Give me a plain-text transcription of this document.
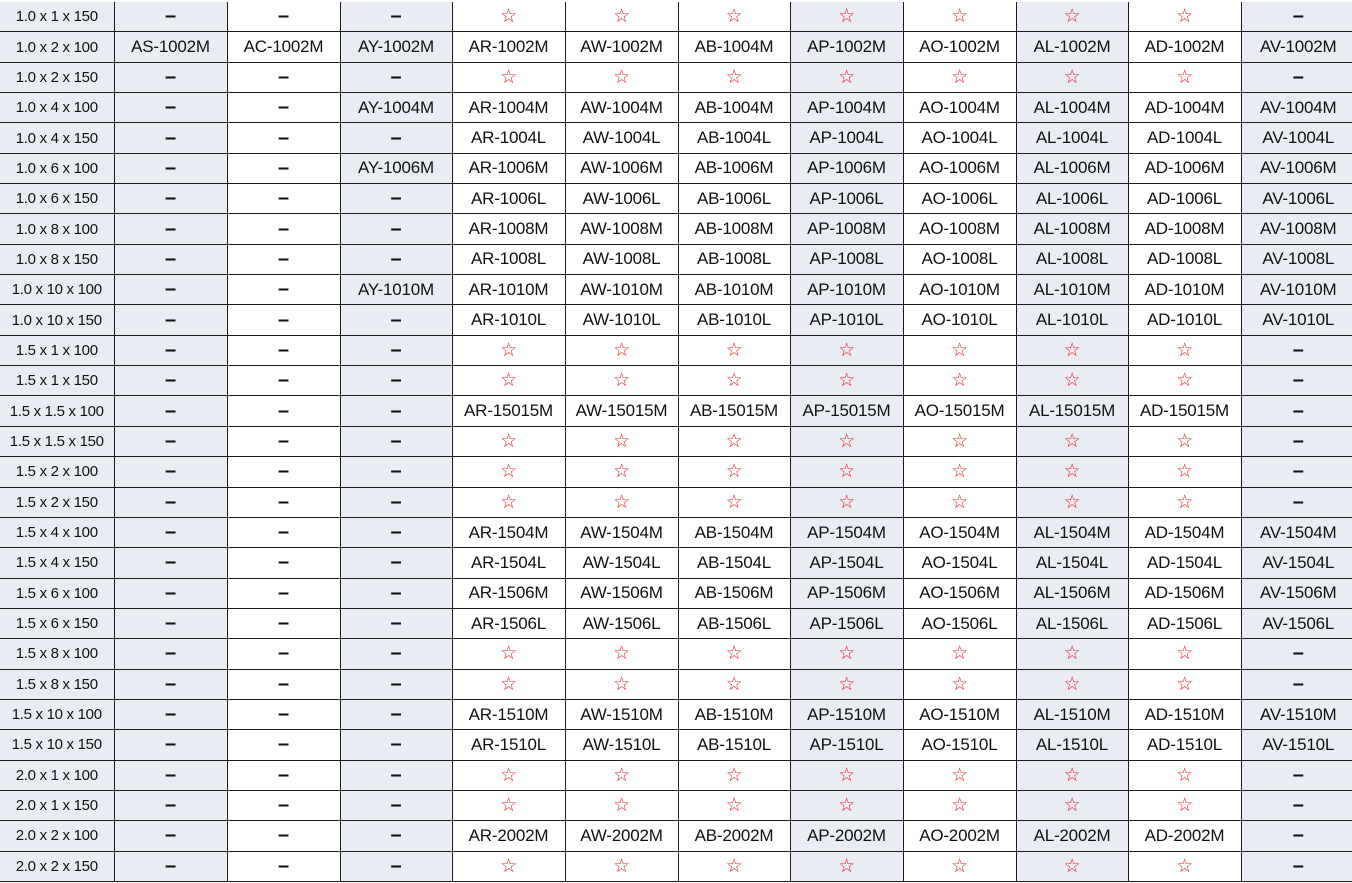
1.0 x 1 x 150	–	–	–	☆	☆	☆	☆	☆	☆	☆	–
1.0 x 2 x 100	AS-1002M	AC-1002M	AY-1002M	AR-1002M	AW-1002M	AB-1004M	AP-1002M	AO-1002M	AL-1002M	AD-1002M	AV-1002M
1.0 x 2 x 150	–	–	–	☆	☆	☆	☆	☆	☆	☆	–
1.0 x 4 x 100	–	–	AY-1004M	AR-1004M	AW-1004M	AB-1004M	AP-1004M	AO-1004M	AL-1004M	AD-1004M	AV-1004M
1.0 x 4 x 150	–	–	–	AR-1004L	AW-1004L	AB-1004L	AP-1004L	AO-1004L	AL-1004L	AD-1004L	AV-1004L
1.0 x 6 x 100	–	–	AY-1006M	AR-1006M	AW-1006M	AB-1006M	AP-1006M	AO-1006M	AL-1006M	AD-1006M	AV-1006M
1.0 x 6 x 150	–	–	–	AR-1006L	AW-1006L	AB-1006L	AP-1006L	AO-1006L	AL-1006L	AD-1006L	AV-1006L
1.0 x 8 x 100	–	–	–	AR-1008M	AW-1008M	AB-1008M	AP-1008M	AO-1008M	AL-1008M	AD-1008M	AV-1008M
1.0 x 8 x 150	–	–	–	AR-1008L	AW-1008L	AB-1008L	AP-1008L	AO-1008L	AL-1008L	AD-1008L	AV-1008L
1.0 x 10 x 100	–	–	AY-1010M	AR-1010M	AW-1010M	AB-1010M	AP-1010M	AO-1010M	AL-1010M	AD-1010M	AV-1010M
1.0 x 10 x 150	–	–	–	AR-1010L	AW-1010L	AB-1010L	AP-1010L	AO-1010L	AL-1010L	AD-1010L	AV-1010L
1.5 x 1 x 100	–	–	–	☆	☆	☆	☆	☆	☆	☆	–
1.5 x 1 x 150	–	–	–	☆	☆	☆	☆	☆	☆	☆	–
1.5 x 1.5 x 100	–	–	–	AR-15015M	AW-15015M	AB-15015M	AP-15015M	AO-15015M	AL-15015M	AD-15015M	–
1.5 x 1.5 x 150	–	–	–	☆	☆	☆	☆	☆	☆	☆	–
1.5 x 2 x 100	–	–	–	☆	☆	☆	☆	☆	☆	☆	–
1.5 x 2 x 150	–	–	–	☆	☆	☆	☆	☆	☆	☆	–
1.5 x 4 x 100	–	–	–	AR-1504M	AW-1504M	AB-1504M	AP-1504M	AO-1504M	AL-1504M	AD-1504M	AV-1504M
1.5 x 4 x 150	–	–	–	AR-1504L	AW-1504L	AB-1504L	AP-1504L	AO-1504L	AL-1504L	AD-1504L	AV-1504L
1.5 x 6 x 100	–	–	–	AR-1506M	AW-1506M	AB-1506M	AP-1506M	AO-1506M	AL-1506M	AD-1506M	AV-1506M
1.5 x 6 x 150	–	–	–	AR-1506L	AW-1506L	AB-1506L	AP-1506L	AO-1506L	AL-1506L	AD-1506L	AV-1506L
1.5 x 8 x 100	–	–	–	☆	☆	☆	☆	☆	☆	☆	–
1.5 x 8 x 150	–	–	–	☆	☆	☆	☆	☆	☆	☆	–
1.5 x 10 x 100	–	–	–	AR-1510M	AW-1510M	AB-1510M	AP-1510M	AO-1510M	AL-1510M	AD-1510M	AV-1510M
1.5 x 10 x 150	–	–	–	AR-1510L	AW-1510L	AB-1510L	AP-1510L	AO-1510L	AL-1510L	AD-1510L	AV-1510L
2.0 x 1 x 100	–	–	–	☆	☆	☆	☆	☆	☆	☆	–
2.0 x 1 x 150	–	–	–	☆	☆	☆	☆	☆	☆	☆	–
2.0 x 2 x 100	–	–	–	AR-2002M	AW-2002M	AB-2002M	AP-2002M	AO-2002M	AL-2002M	AD-2002M	–
2.0 x 2 x 150	–	–	–	☆	☆	☆	☆	☆	☆	☆	–
